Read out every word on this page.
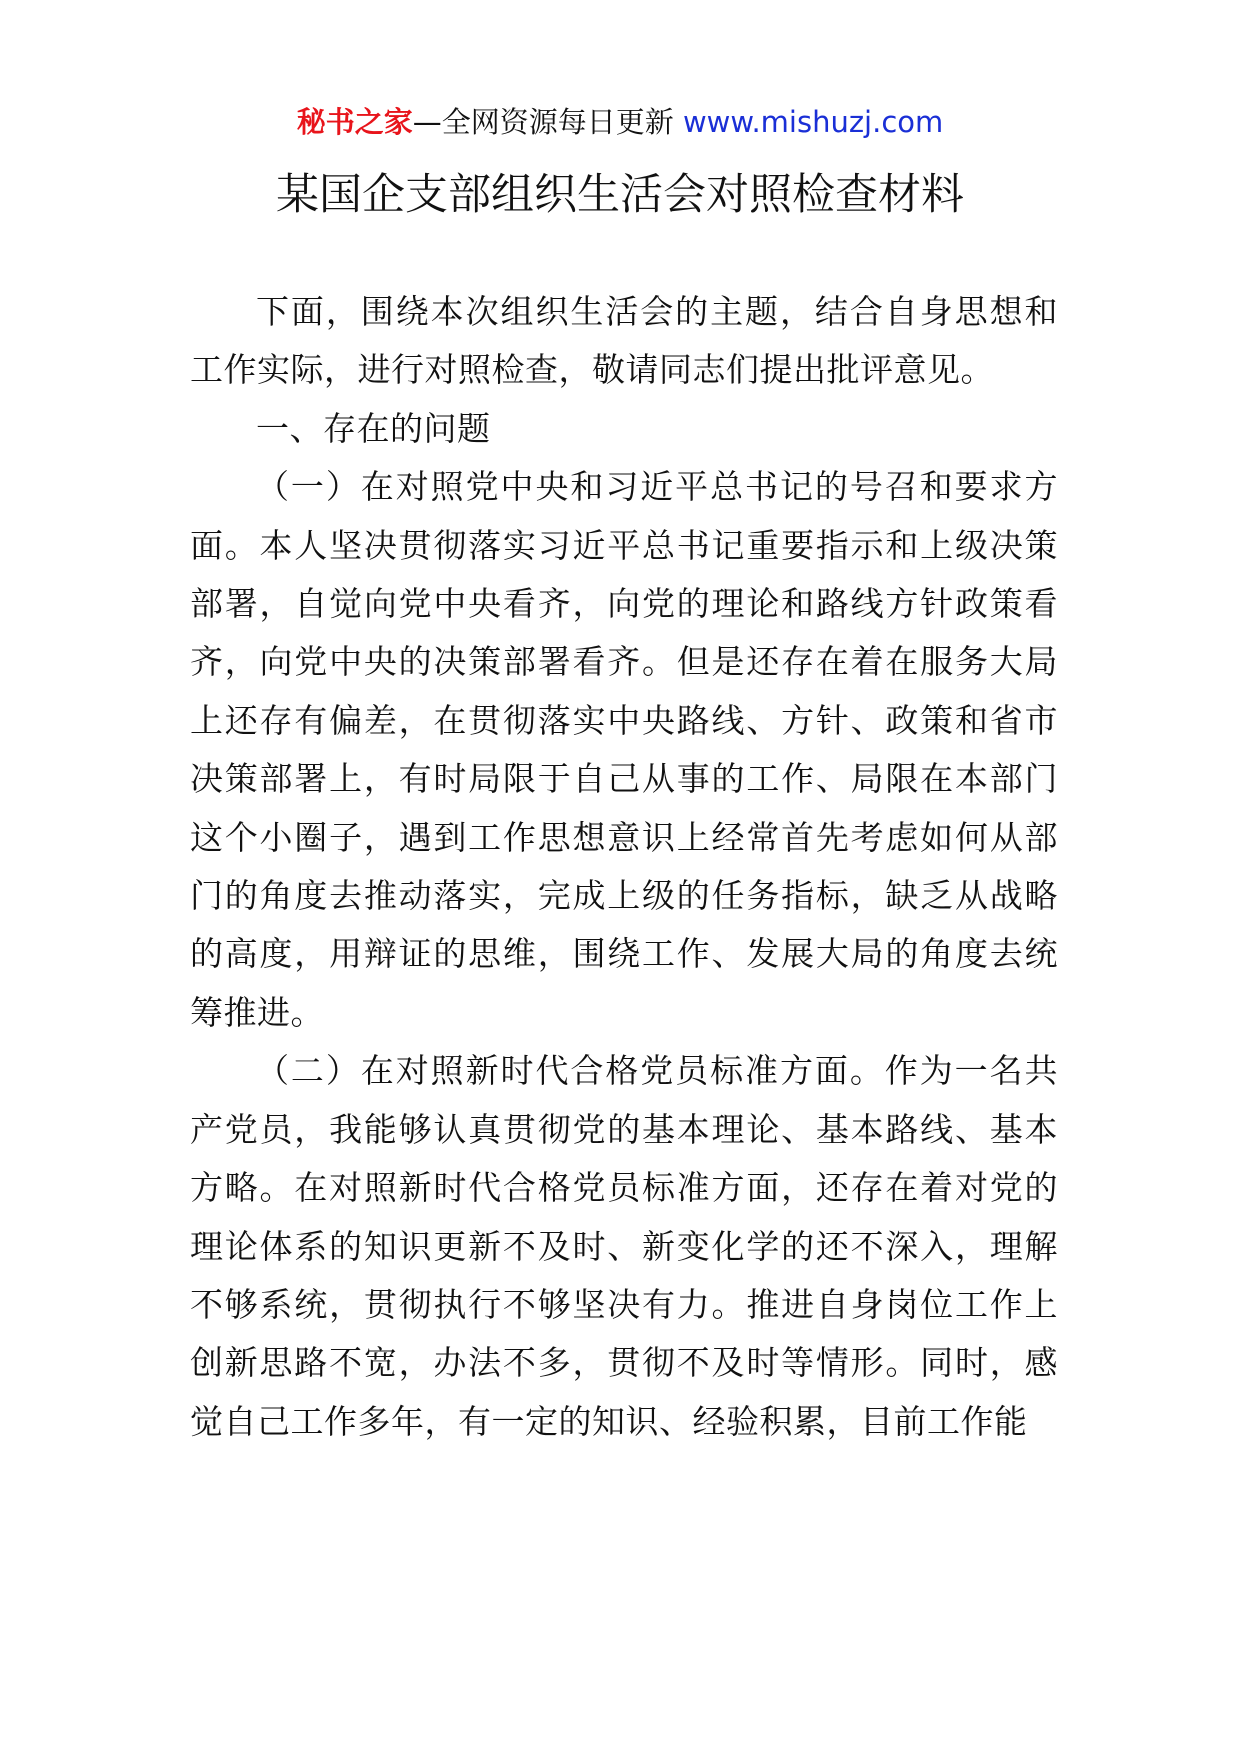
秘书之家—全网资源每日更新 www.mishuzj.com
某国企支部组织生活会对照检查材料

下面，围绕本次组织生活会的主题，结合自身思想和工作实际，进行对照检查，敬请同志们提出批评意见。

一、存在的问题

（一）在对照党中央和习近平总书记的号召和要求方面。本人坚决贯彻落实习近平总书记重要指示和上级决策部署，自觉向党中央看齐，向党的理论和路线方针政策看齐，向党中央的决策部署看齐。但是还存在着在服务大局上还存有偏差，在贯彻落实中央路线、方针、政策和省市决策部署上，有时局限于自己从事的工作、局限在本部门这个小圈子，遇到工作思想意识上经常首先考虑如何从部门的角度去推动落实，完成上级的任务指标，缺乏从战略的高度，用辩证的思维，围绕工作、发展大局的角度去统筹推进。

（二）在对照新时代合格党员标准方面。作为一名共产党员，我能够认真贯彻党的基本理论、基本路线、基本方略。在对照新时代合格党员标准方面，还存在着对党的理论体系的知识更新不及时、新变化学的还不深入，理解不够系统，贯彻执行不够坚决有力。推进自身岗位工作上创新思路不宽，办法不多，贯彻不及时等情形。同时，感觉自己工作多年，有一定的知识、经验积累，目前工作能
